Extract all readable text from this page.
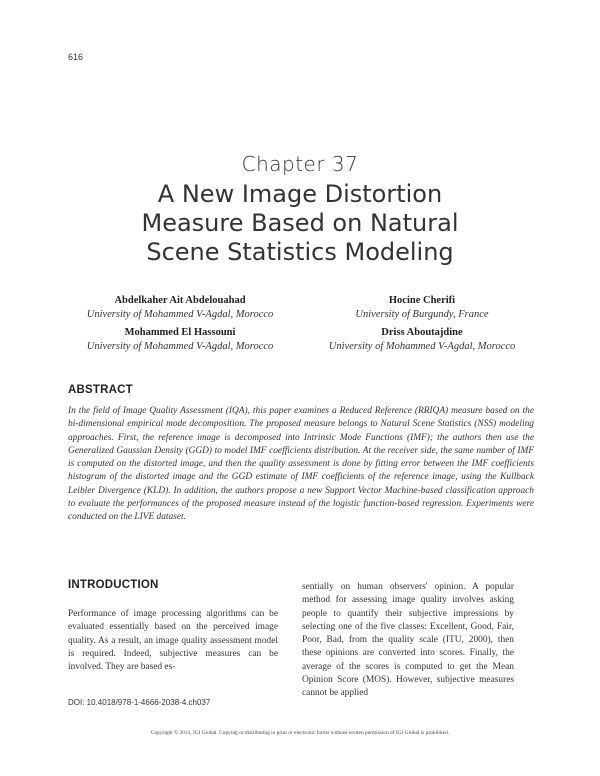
616
Chapter 37
A New Image Distortion
Measure Based on Natural
Scene Statistics Modeling
Abdelkaher Ait Abdelouahad
University of Mohammed V-Agdal, Morocco
Hocine Cherifi
University of Burgundy, France
Mohammed El Hassouni
University of Mohammed V-Agdal, Morocco
Driss Aboutajdine
University of Mohammed V-Agdal, Morocco
ABSTRACT
In the field of Image Quality Assessment (IQA), this paper examines a Reduced Reference (RRIQA) measure based on the bi-dimensional empirical mode decomposition. The proposed measure belongs to Natural Scene Statistics (NSS) modeling approaches. First, the reference image is decomposed into Intrinsic Mode Functions (IMF); the authors then use the Generalized Gaussian Density (GGD) to model IMF coefficients distribution. At the receiver side, the same number of IMF is computed on the distorted image, and then the quality assessment is done by fitting error between the IMF coefficients histogram of the distorted image and the GGD estimate of IMF coefficients of the reference image, using the Kullback Leibler Divergence (KLD). In addition, the authors propose a new Support Vector Machine-based classification approach to evaluate the performances of the proposed measure instead of the logistic function-based regression. Experiments were conducted on the LIVE dataset.
INTRODUCTION
Performance of image processing algorithms can be evaluated essentially based on the perceived image quality. As a result, an image quality assessment model is required. Indeed, subjective measures can be involved. They are based es-
sentially on human observers' opinion. A popular method for assessing image quality involves asking people to quantify their subjective impressions by selecting one of the five classes: Excellent, Good, Fair, Poor, Bad, from the quality scale (ITU, 2000), then these opinions are converted into scores. Finally, the average of the scores is computed to get the Mean Opinion Score (MOS). However, subjective measures cannot be applied
DOI: 10.4018/978-1-4666-2038-4.ch037
Copyright © 2013, IGI Global. Copying or distributing in print or electronic forms without written permission of IGI Global is prohibited.
